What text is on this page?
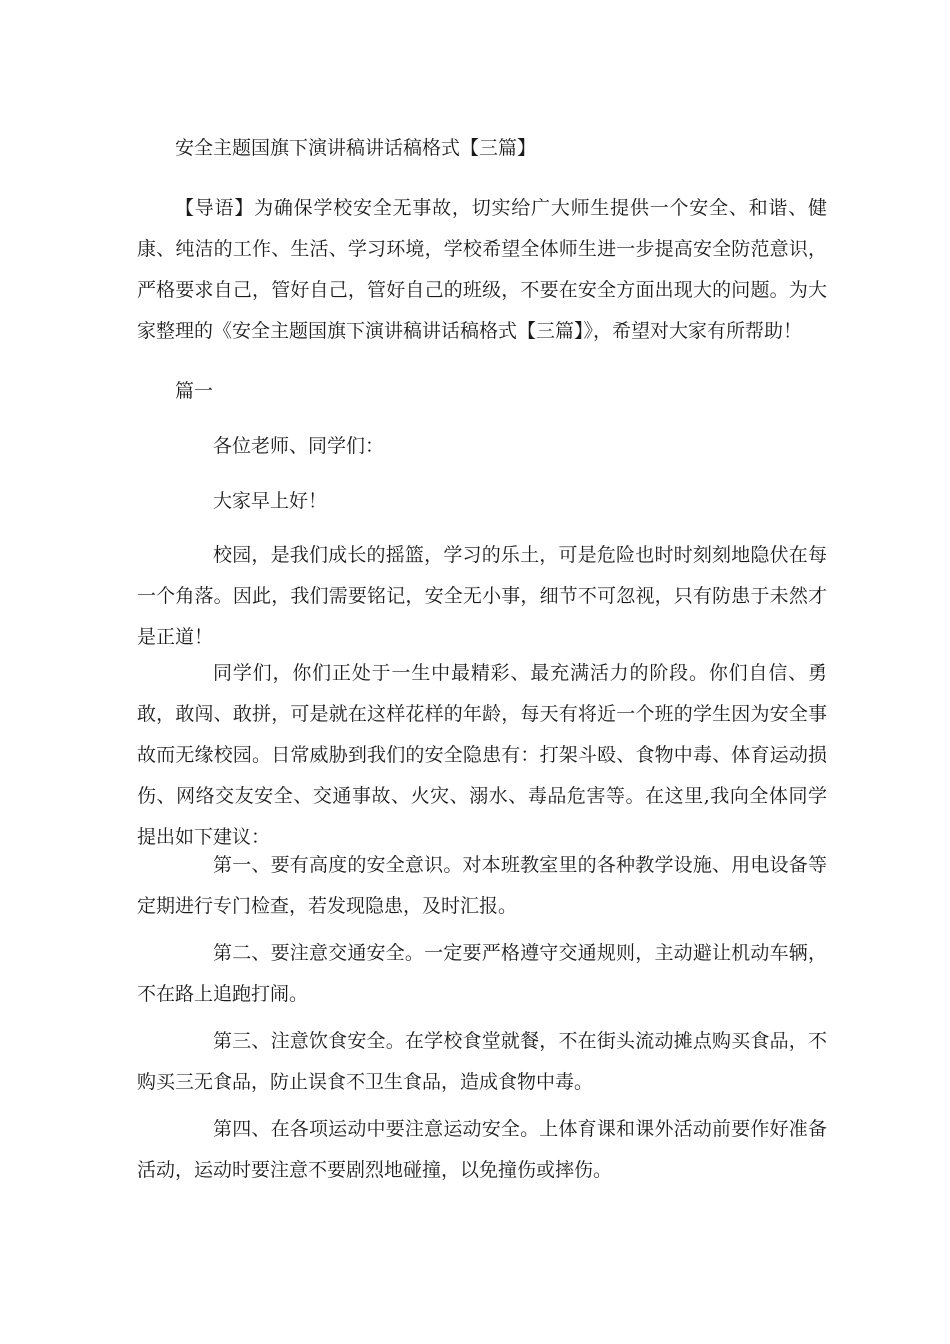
安全主题国旗下演讲稿讲话稿格式【三篇】

【导语】为确保学校安全无事故，切实给广大师生提供一个安全、和谐、健康、纯洁的工作、生活、学习环境，学校希望全体师生进一步提高安全防范意识，严格要求自己，管好自己，管好自己的班级，不要在安全方面出现大的问题。为大家整理的《安全主题国旗下演讲稿讲话稿格式【三篇】》，希望对大家有所帮助！

篇一

各位老师、同学们：

大家早上好！

校园，是我们成长的摇篮，学习的乐土，可是危险也时时刻刻地隐伏在每一个角落。因此，我们需要铭记，安全无小事，细节不可忽视，只有防患于未然才是正道！

同学们，你们正处于一生中最精彩、最充满活力的阶段。你们自信、勇敢，敢闯、敢拼，可是就在这样花样的年龄，每天有将近一个班的学生因为安全事故而无缘校园。日常威胁到我们的安全隐患有：打架斗殴、食物中毒、体育运动损伤、网络交友安全、交通事故、火灾、溺水、毒品危害等。在这里,我向全体同学提出如下建议：

第一、要有高度的安全意识。对本班教室里的各种教学设施、用电设备等定期进行专门检查，若发现隐患，及时汇报。

第二、要注意交通安全。一定要严格遵守交通规则，主动避让机动车辆，不在路上追跑打闹。

第三、注意饮食安全。在学校食堂就餐，不在街头流动摊点购买食品，不购买三无食品，防止误食不卫生食品，造成食物中毒。

第四、在各项运动中要注意运动安全。上体育课和课外活动前要作好准备活动，运动时要注意不要剧烈地碰撞，以免撞伤或摔伤。
